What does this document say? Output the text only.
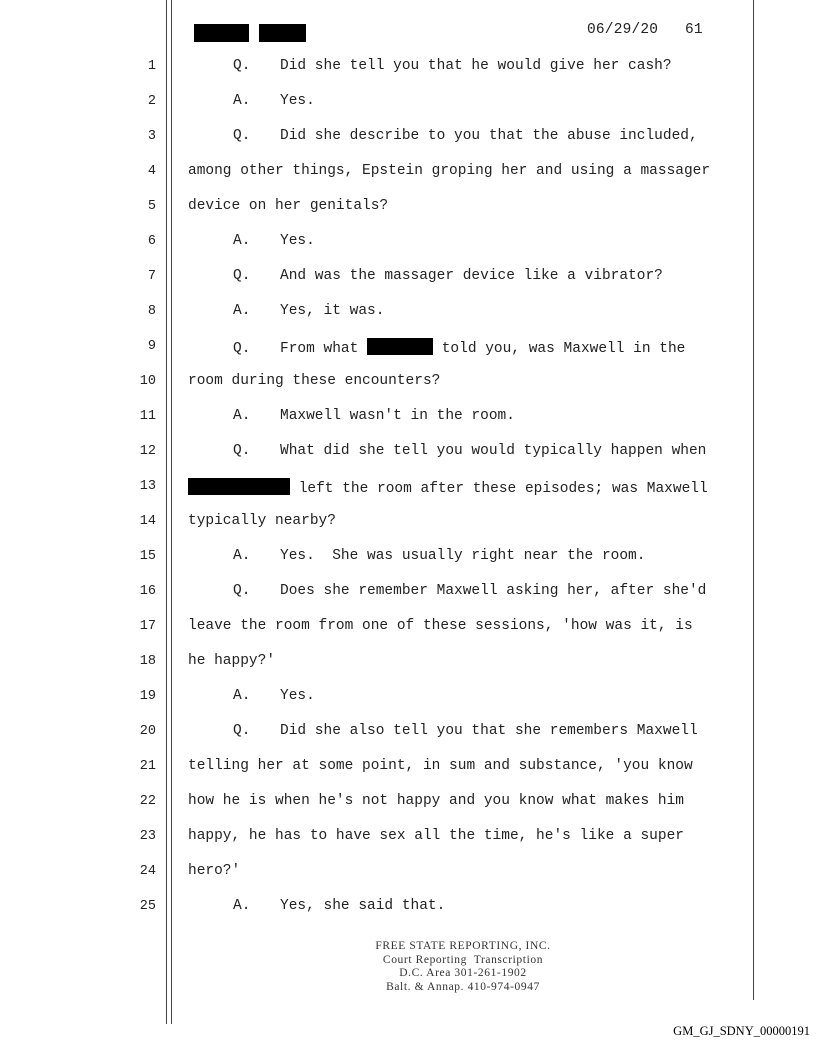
06/29/20 61
1	Q. Did she tell you that he would give her cash?
2	A. Yes.
3	Q. Did she describe to you that the abuse included,
4 among other things, Epstein groping her and using a massager
5 device on her genitals?
6	A. Yes.
7	Q. And was the massager device like a vibrator?
8	A. Yes, it was.
9	Q. From what	told you, was Maxwell in the
10 room during these encounters?
11	A. Maxwell wasn't in the room.
12	Q. What did she tell you would typically happen when
13	left the room after these episodes; was Maxwell
14 typically nearby?
15	A. Yes.  She was usually right near the room.
16	Q. Does she remember Maxwell asking her, after she'd
17 leave the room from one of these sessions, 'how was it, is
18 he happy?'
19	A. Yes.
20	Q. Did she also tell you that she remembers Maxwell
21 telling her at some point, in sum and substance, 'you know
22 how he is when he's not happy and you know what makes him
23 happy, he has to have sex all the time, he's like a super
24 hero?'
25	A. Yes, she said that.
FREE STATE REPORTING, INC.
Court Reporting  Transcription
D.C. Area 301-261-1902
Balt. & Annap. 410-974-0947
GM_GJ_SDNY_00000191
